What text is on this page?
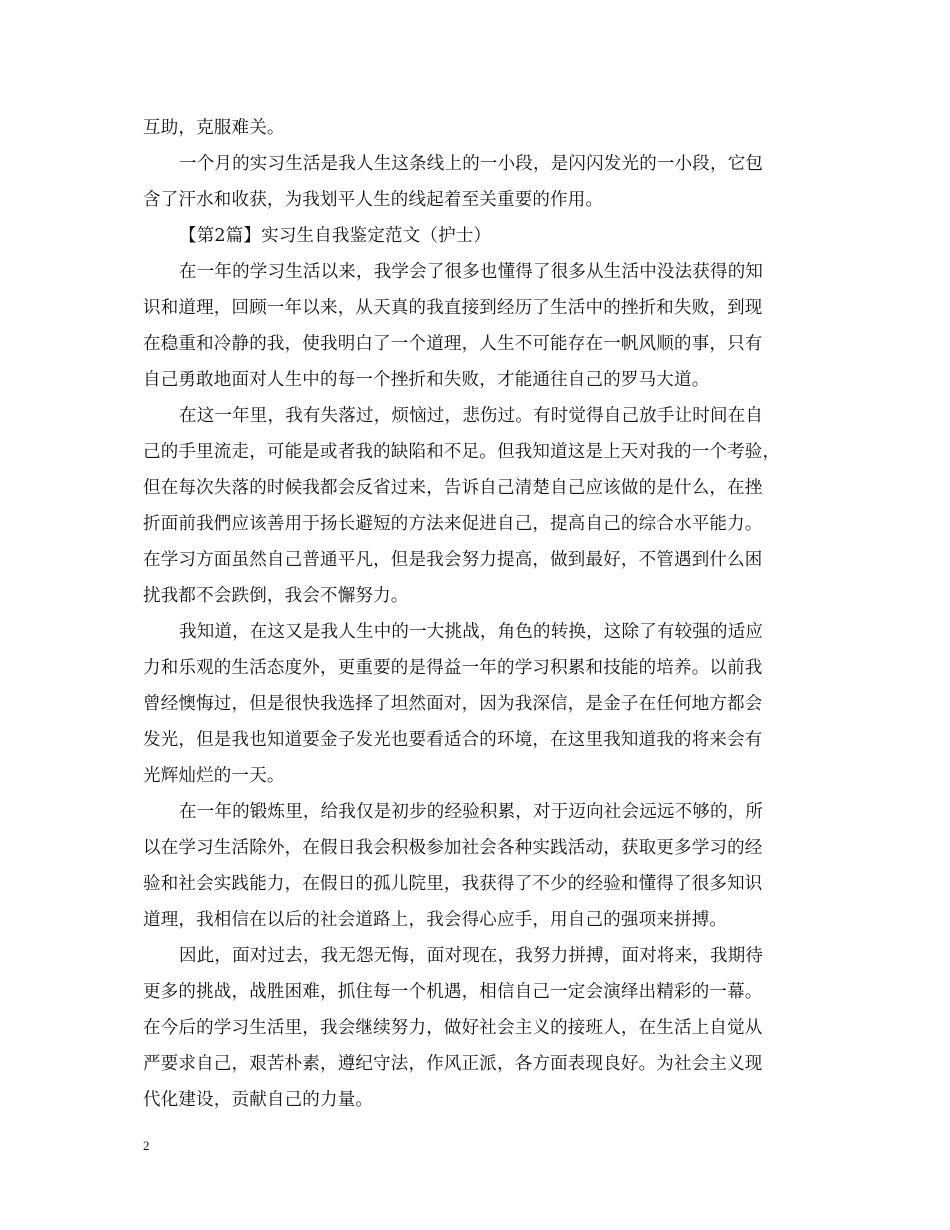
互助，克服难关。
一个月的实习生活是我人生这条线上的一小段，是闪闪发光的一小段，它包
含了汗水和收获，为我划平人生的线起着至关重要的作用。
【第2篇】实习生自我鉴定范文（护士）
在一年的学习生活以来，我学会了很多也懂得了很多从生活中没法获得的知
识和道理，回顾一年以来，从天真的我直接到经历了生活中的挫折和失败，到现
在稳重和冷静的我，使我明白了一个道理，人生不可能存在一帆风顺的事，只有
自己勇敢地面对人生中的每一个挫折和失败，才能通往自己的罗马大道。
在这一年里，我有失落过，烦恼过，悲伤过。有时觉得自己放手让时间在自
己的手里流走，可能是或者我的缺陷和不足。但我知道这是上天对我的一个考验，
但在每次失落的时候我都会反省过来，告诉自己清楚自己应该做的是什么，在挫
折面前我們应该善用于扬长避短的方法来促进自己，提高自己的综合水平能力。
在学习方面虽然自己普通平凡，但是我会努力提高，做到最好，不管遇到什么困
扰我都不会跌倒，我会不懈努力。
我知道，在这又是我人生中的一大挑战，角色的转换，这除了有较强的适应
力和乐观的生活态度外，更重要的是得益一年的学习积累和技能的培养。以前我
曾经懊悔过，但是很快我选择了坦然面对，因为我深信，是金子在任何地方都会
发光，但是我也知道要金子发光也要看适合的环境，在这里我知道我的将来会有
光辉灿烂的一天。
在一年的锻炼里，给我仅是初步的经验积累，对于迈向社会远远不够的，所
以在学习生活除外，在假日我会积极参加社会各种实践活动，获取更多学习的经
验和社会实践能力，在假日的孤儿院里，我获得了不少的经验和懂得了很多知识
道理，我相信在以后的社会道路上，我会得心应手，用自己的强项来拼搏。
因此，面对过去，我无怨无悔，面对现在，我努力拼搏，面对将来，我期待
更多的挑战，战胜困难，抓住每一个机遇，相信自己一定会演绎出精彩的一幕。
在今后的学习生活里，我会继续努力，做好社会主义的接班人，在生活上自觉从
严要求自己，艰苦朴素，遵纪守法，作风正派，各方面表现良好。为社会主义现
代化建设，贡献自己的力量。
2
